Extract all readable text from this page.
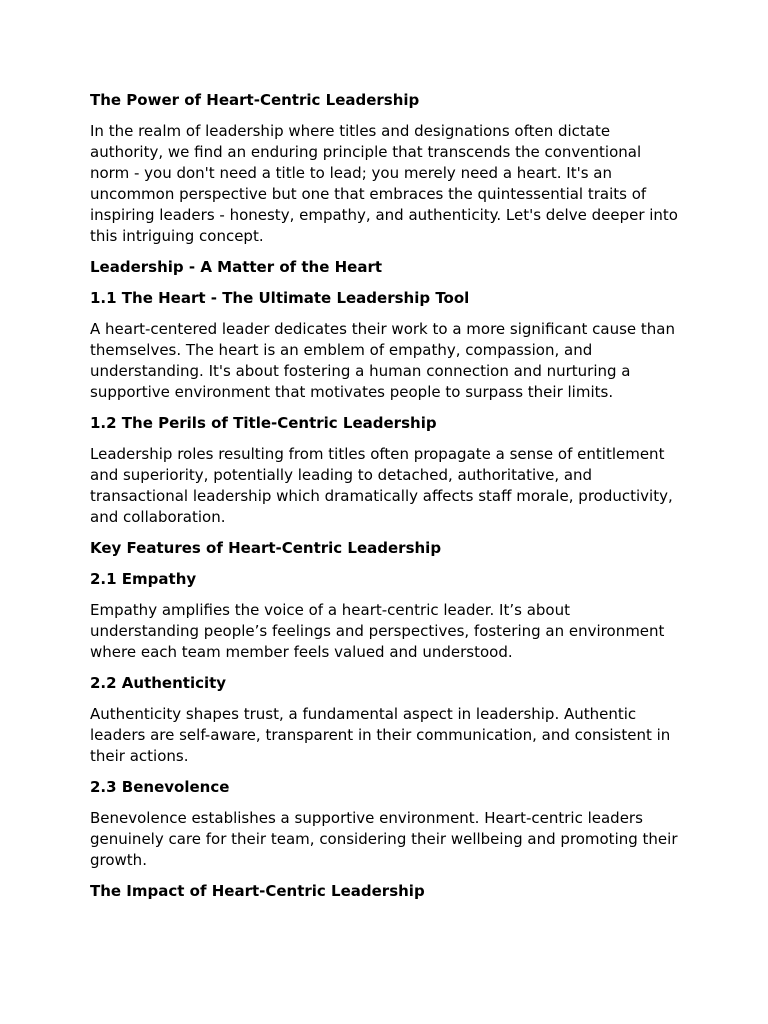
The Power of Heart-Centric Leadership

In the realm of leadership where titles and designations often dictate authority, we find an enduring principle that transcends the conventional norm - you don't need a title to lead; you merely need a heart. It's an uncommon perspective but one that embraces the quintessential traits of inspiring leaders - honesty, empathy, and authenticity. Let's delve deeper into this intriguing concept.

Leadership - A Matter of the Heart
1.1 The Heart - The Ultimate Leadership Tool

A heart-centered leader dedicates their work to a more significant cause than themselves. The heart is an emblem of empathy, compassion, and understanding. It's about fostering a human connection and nurturing a supportive environment that motivates people to surpass their limits.

1.2 The Perils of Title-Centric Leadership

Leadership roles resulting from titles often propagate a sense of entitlement and superiority, potentially leading to detached, authoritative, and transactional leadership which dramatically affects staff morale, productivity, and collaboration.

Key Features of Heart-Centric Leadership
2.1 Empathy

Empathy amplifies the voice of a heart-centric leader. It’s about understanding people’s feelings and perspectives, fostering an environment where each team member feels valued and understood.

2.2 Authenticity

Authenticity shapes trust, a fundamental aspect in leadership. Authentic leaders are self-aware, transparent in their communication, and consistent in their actions.

2.3 Benevolence

Benevolence establishes a supportive environment. Heart-centric leaders genuinely care for their team, considering their wellbeing and promoting their growth.

The Impact of Heart-Centric Leadership
